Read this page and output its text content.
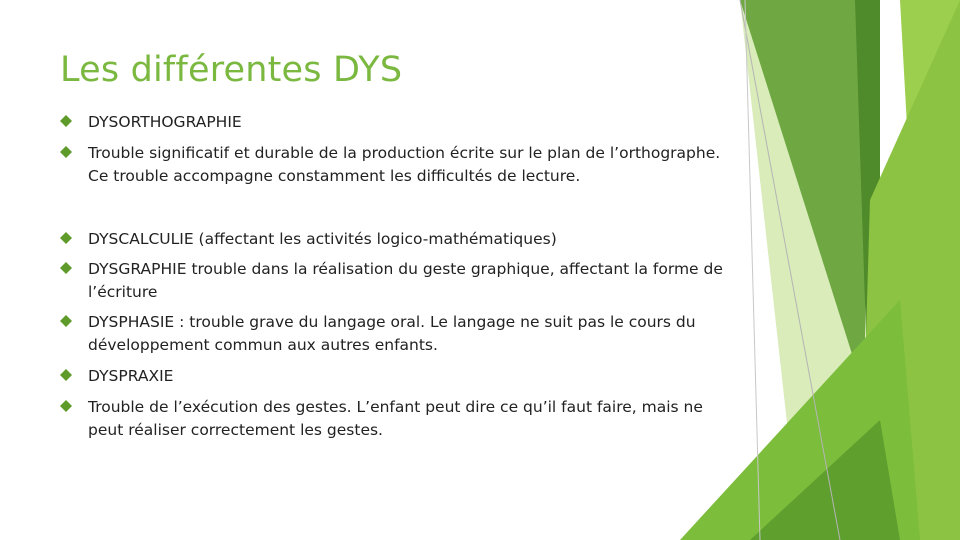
Les différentes DYS
DYSORTHOGRAPHIE
Trouble significatif et durable de la production écrite sur le plan de l’orthographe. Ce trouble accompagne constamment les difficultés de lecture.
DYSCALCULIE (affectant les activités logico-mathématiques)
DYSGRAPHIE trouble dans la réalisation du geste graphique, affectant la forme de l’écriture
DYSPHASIE : trouble grave du langage oral. Le langage ne suit pas le cours du développement commun aux autres enfants.
DYSPRAXIE
Trouble de l’exécution des gestes. L’enfant peut dire ce qu’il faut faire, mais ne peut réaliser correctement les gestes.
